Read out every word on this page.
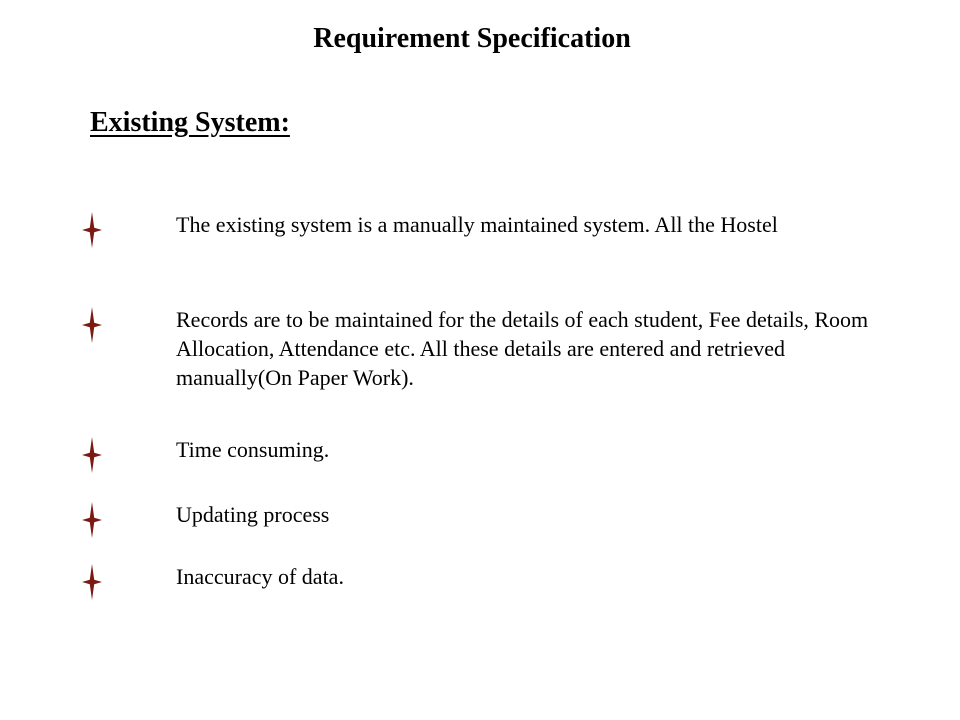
Requirement Specification
Existing System:

The existing system is a manually maintained system. All the Hostel

Records are to be maintained for the details of each student, Fee details, Room Allocation, Attendance etc. All these details are entered and retrieved manually(On Paper Work).

Time consuming.

Updating process

Inaccuracy of data.
